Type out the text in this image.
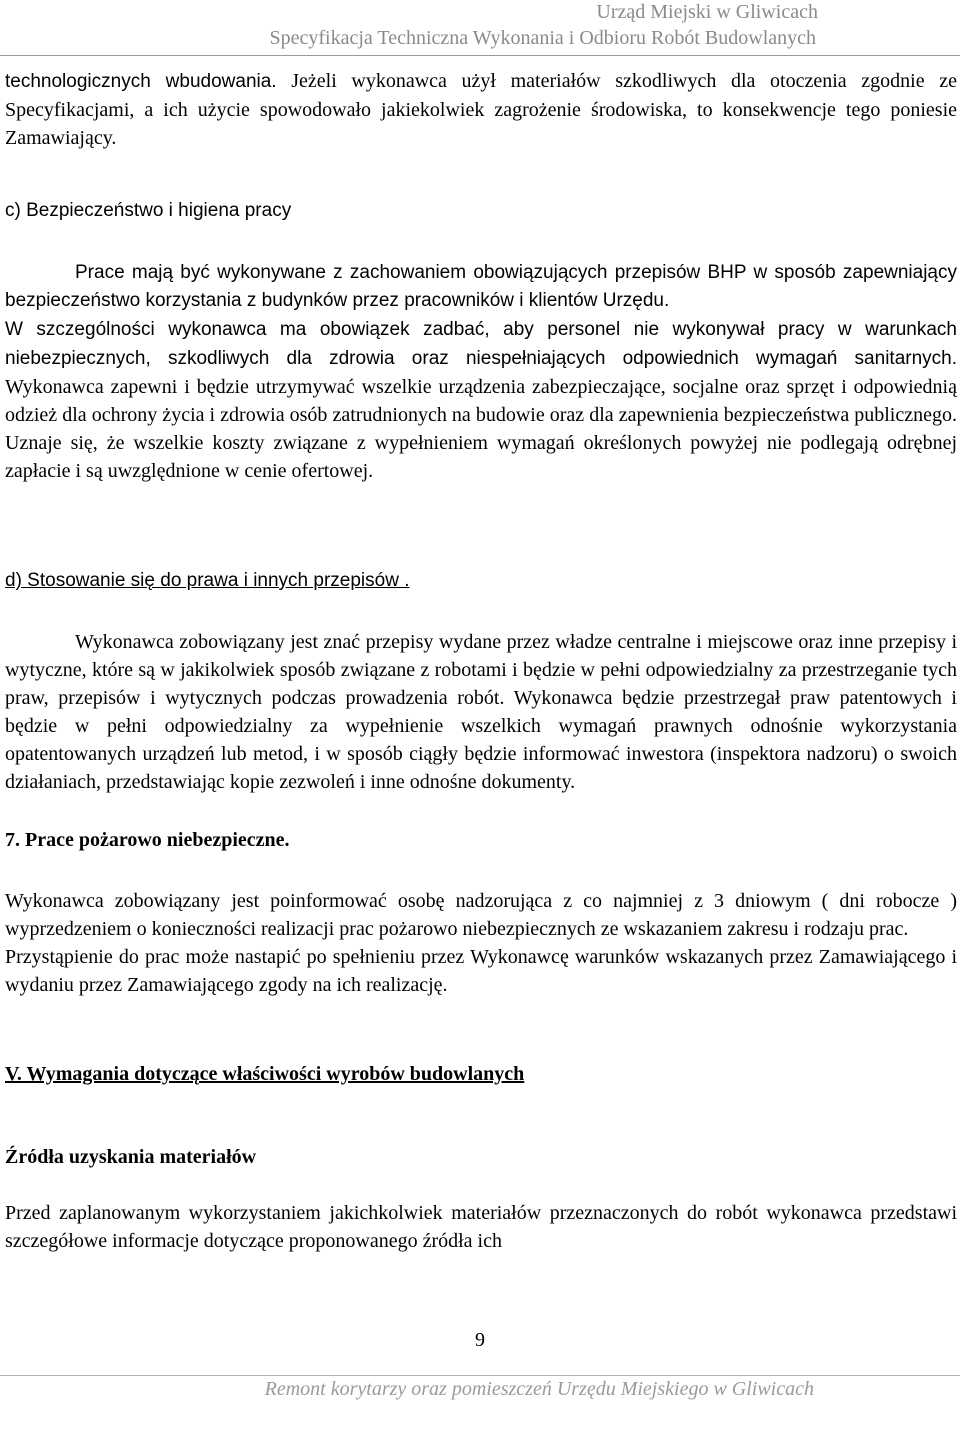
Urząd Miejski w Gliwicach
Specyfikacja Techniczna Wykonania i Odbioru Robót Budowlanych

technologicznych wbudowania. Jeżeli wykonawca użył materiałów szkodliwych dla otoczenia zgodnie ze Specyfikacjami, a ich użycie spowodowało jakiekolwiek zagrożenie środowiska, to konsekwencje tego poniesie Zamawiający.

c) Bezpieczeństwo i higiena pracy

Prace mają być wykonywane z zachowaniem obowiązujących przepisów BHP w sposób zapewniający bezpieczeństwo korzystania z budynków przez pracowników i klientów Urzędu.

W szczególności wykonawca ma obowiązek zadbać, aby personel nie wykonywał pracy w warunkach niebezpiecznych, szkodliwych dla zdrowia oraz niespełniających odpowiednich wymagań sanitarnych. Wykonawca zapewni i będzie utrzymywać wszelkie urządzenia zabezpieczające, socjalne oraz sprzęt i odpowiednią odzież dla ochrony życia i zdrowia osób zatrudnionych na budowie oraz dla zapewnienia bezpieczeństwa publicznego. Uznaje się, że wszelkie koszty związane z wypełnieniem wymagań określonych powyżej nie podlegają odrębnej zapłacie i są uwzględnione w cenie ofertowej.

d) Stosowanie się do prawa i innych przepisów .

Wykonawca zobowiązany jest znać przepisy wydane przez władze centralne i miejscowe oraz inne przepisy i wytyczne, które są w jakikolwiek sposób związane z robotami i będzie w pełni odpowiedzialny za przestrzeganie tych praw, przepisów i wytycznych podczas prowadzenia robót. Wykonawca będzie przestrzegał praw patentowych i będzie w pełni odpowiedzialny za wypełnienie wszelkich wymagań prawnych odnośnie wykorzystania opatentowanych urządzeń lub metod, i w sposób ciągły będzie informować inwestora (inspektora nadzoru) o swoich działaniach, przedstawiając kopie zezwoleń i inne odnośne dokumenty.

7. Prace pożarowo niebezpieczne.

Wykonawca zobowiązany jest poinformować osobę nadzorująca z co najmniej z 3 dniowym ( dni robocze ) wyprzedzeniem o konieczności realizacji prac pożarowo niebezpiecznych ze wskazaniem zakresu i rodzaju prac.

Przystąpienie do prac może nastapić po spełnieniu przez Wykonawcę warunków wskazanych przez Zamawiającego i wydaniu przez Zamawiającego zgody na ich realizację.

V. Wymagania dotyczące właściwości wyrobów budowlanych

Źródła uzyskania materiałów

Przed zaplanowanym wykorzystaniem jakichkolwiek materiałów przeznaczonych do robót wykonawca przedstawi szczegółowe informacje dotyczące proponowanego źródła ich

9
Remont korytarzy oraz pomieszczeń Urzędu Miejskiego w Gliwicach
